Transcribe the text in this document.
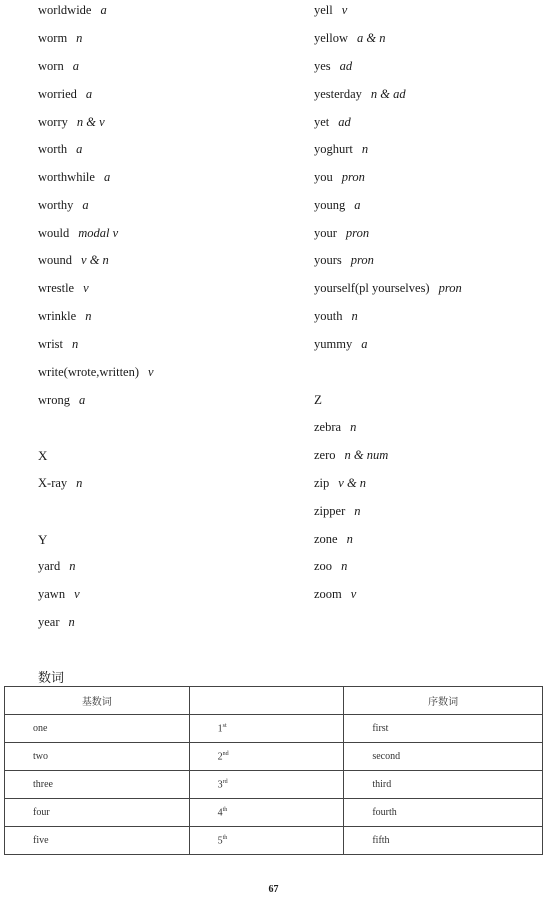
worldwide a
worm n
worn a
worried a
worry n & v
worth a
worthwhile a
worthy a
would modal v
wound v & n
wrestle v
wrinkle n
wrist n
write(wrote,written) v
wrong a
X
X-ray n
Y
yard n
yawn v
year n
yell v
yellow a & n
yes ad
yesterday n & ad
yet ad
yoghurt n
you pron
young a
your pron
yours pron
yourself(pl yourselves) pron
youth n
yummy a
Z
zebra n
zero n & num
zip v & n
zipper n
zone n
zoo n
zoom v
数词
基数词		序数词
one	1st	first
two	2nd	second
three	3rd	third
four	4th	fourth
five	5th	fifth
67
